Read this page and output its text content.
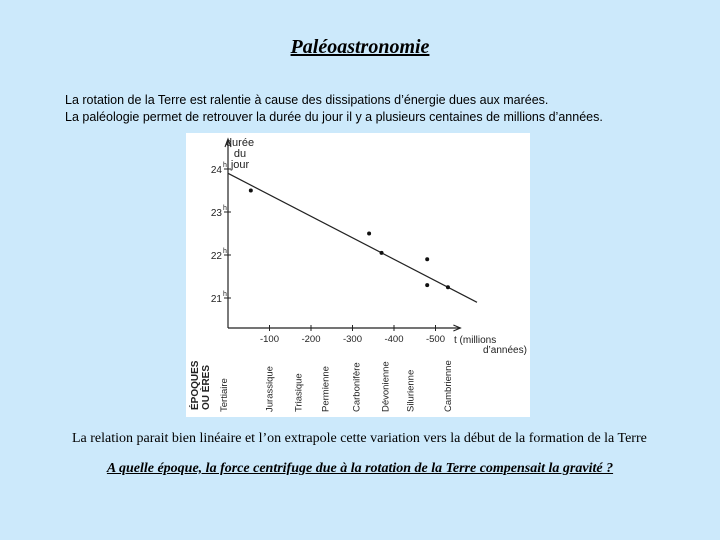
Paléoastronomie
La rotation de la Terre est ralentie à cause des dissipations d’énergie dues aux marées.
La paléologie permet de retrouver la durée du jour il y a plusieurs centaines de millions d’années.
durée
du
jour
21 h
22 h
23 h
24 h
-100 -200 -300 -400 -500 t (millions
d’années)
ÉPOQUES OU ÈRES Tertiaire	Jurassique Triasique Permienne Carbonifère Dévonienne Silurienne	Cambrienne
La relation parait bien linéaire et l’on extrapole cette variation vers la début de la formation de la Terre
A quelle époque, la force centrifuge due à la rotation de la Terre compensait la gravité ?
